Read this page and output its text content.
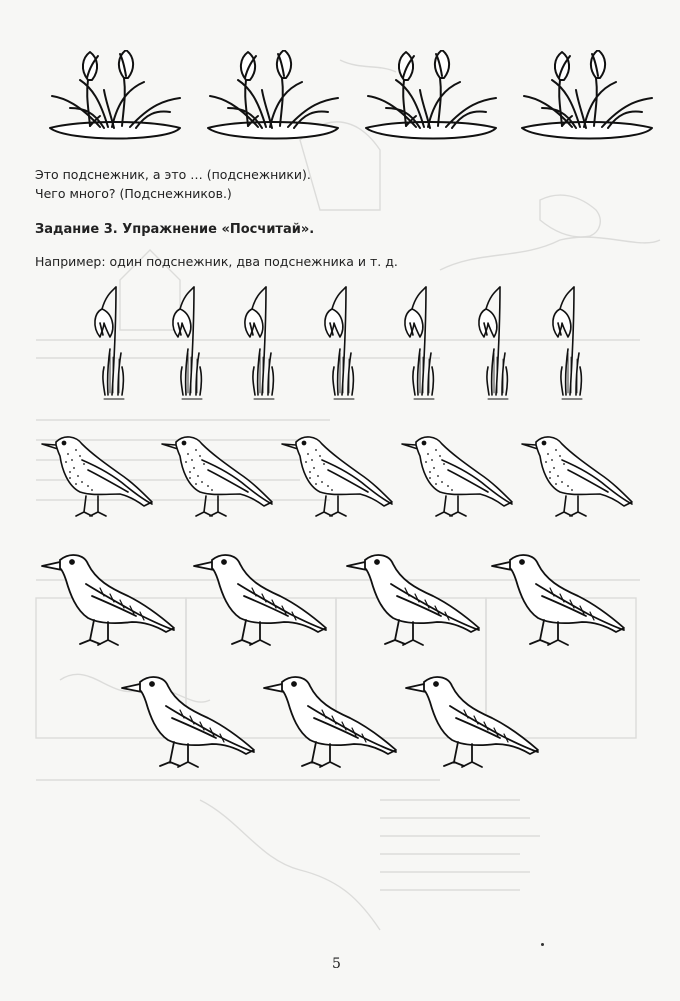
Это подснежник, а это … (подснежники).
Чего много? (Подснежников.)
Задание 3. Упражнение «Посчитай».
Например: один подснежник, два подснежника и т. д.
5
